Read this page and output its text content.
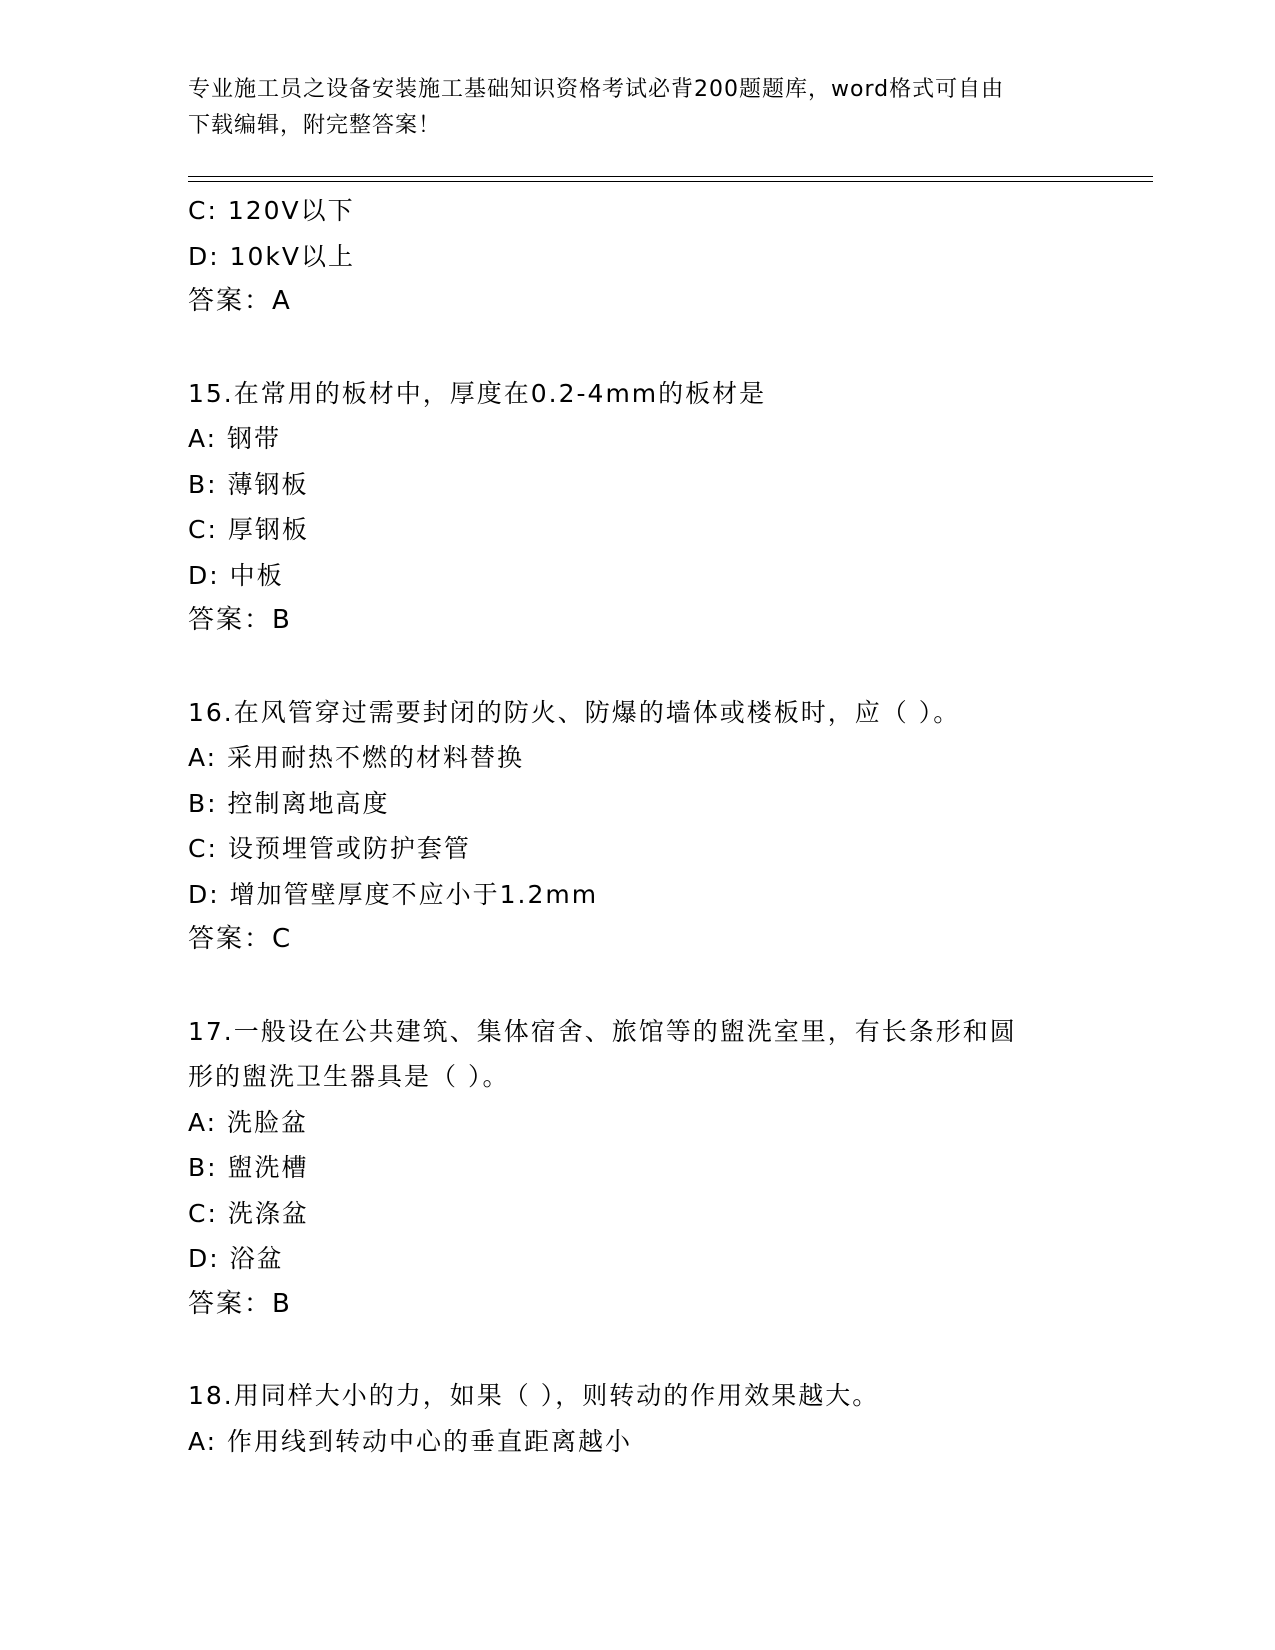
专业施工员之设备安装施工基础知识资格考试必背200题题库，word格式可自由
下载编辑，附完整答案！
C: 120V以下
D: 10kV以上
答案：A
15.在常用的板材中，厚度在0.2-4mm的板材是
A: 钢带
B: 薄钢板
C: 厚钢板
D: 中板
答案：B
16.在风管穿过需要封闭的防火、防爆的墙体或楼板时，应（ ）。
A: 采用耐热不燃的材料替换
B: 控制离地高度
C: 设预埋管或防护套管
D: 增加管壁厚度不应小于1.2mm
答案：C
17.一般设在公共建筑、集体宿舍、旅馆等的盥洗室里，有长条形和圆
形的盥洗卫生器具是（ ）。
A: 洗脸盆
B: 盥洗槽
C: 洗涤盆
D: 浴盆
答案：B
18.用同样大小的力，如果（ ），则转动的作用效果越大。
A: 作用线到转动中心的垂直距离越小
